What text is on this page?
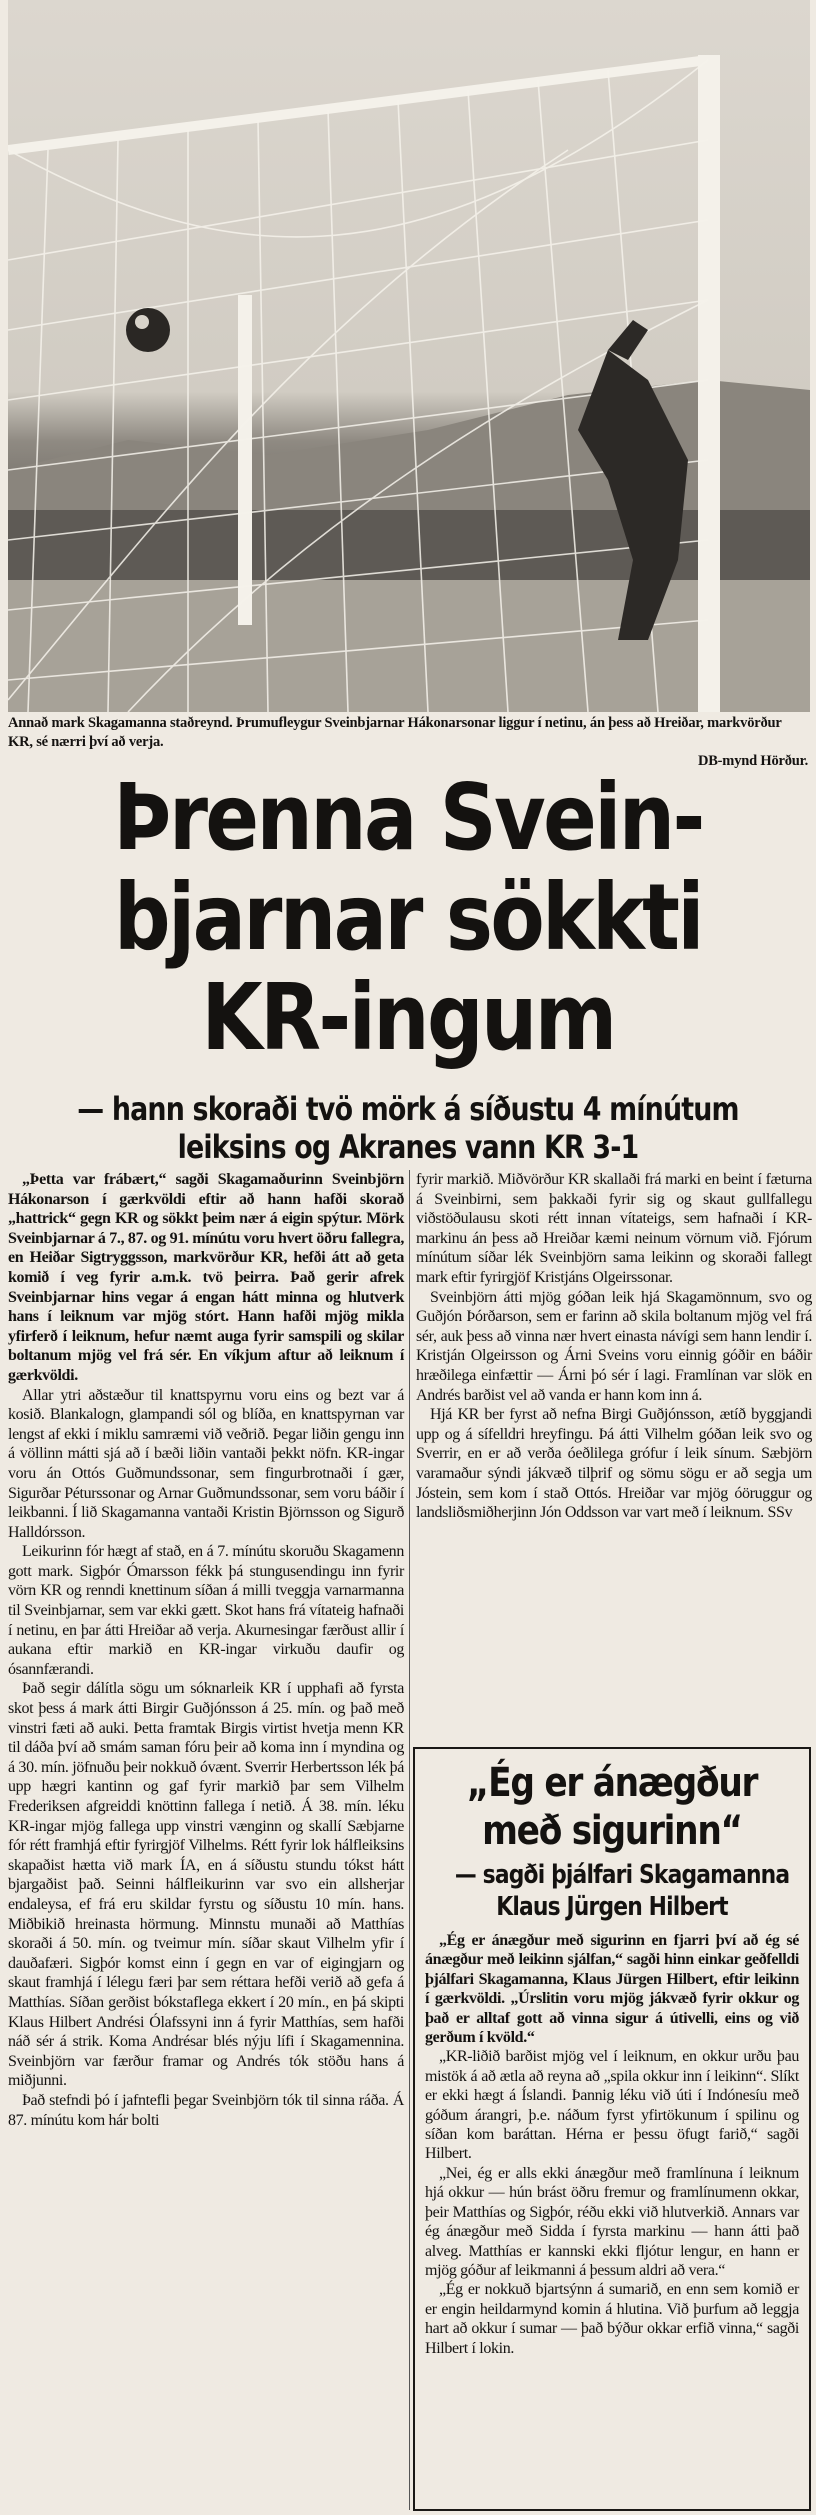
Annað mark Skagamanna staðreynd. Þrumufleygur Sveinbjarnar Hákonarsonar liggur í netinu, án þess að Hreiðar, markvörður KR, sé nærri því að verja.
DB-mynd Hörður.
Þrenna Svein-
bjarnar sökkti
KR-ingum
— hann skoraði tvö mörk á síðustu 4 mínútum
leiksins og Akranes vann KR 3-1

„Þetta var frábært,“ sagði Skagamaðurinn Sveinbjörn Hákonarson í gærkvöldi eftir að hann hafði skorað „hattrick“ gegn KR og sökkt þeim nær á eigin spýtur. Mörk Sveinbjarnar á 7., 87. og 91. mínútu voru hvert öðru fallegra, en Heiðar Sigtryggsson, markvörður KR, hefði átt að geta komið í veg fyrir a.m.k. tvö þeirra. Það gerir afrek Sveinbjarnar hins vegar á engan hátt minna og hlutverk hans í leiknum var mjög stórt. Hann hafði mjög mikla yfirferð í leiknum, hefur næmt auga fyrir samspili og skilar boltanum mjög vel frá sér. En víkjum aftur að leiknum í gærkvöldi.

Allar ytri aðstæður til knattspyrnu voru eins og bezt var á kosið. Blankalogn, glampandi sól og blíða, en knattspyrnan var lengst af ekki í miklu samræmi við veðrið. Þegar liðin gengu inn á völlinn mátti sjá að í bæði liðin vantaði þekkt nöfn. KR-ingar voru án Ottós Guðmundssonar, sem fingurbrotnaði í gær, Sigurðar Péturssonar og Arnar Guðmundssonar, sem voru báðir í leikbanni. Í lið Skagamanna vantaði Kristin Björnsson og Sigurð Halldórsson.

Leikurinn fór hægt af stað, en á 7. mínútu skoruðu Skagamenn gott mark. Sigþór Ómarsson fékk þá stungusendingu inn fyrir vörn KR og renndi knettinum síðan á milli tveggja varnarmanna til Sveinbjarnar, sem var ekki gætt. Skot hans frá vítateig hafnaði í netinu, en þar átti Hreiðar að verja. Akurnesingar færðust allir í aukana eftir markið en KR-ingar virkuðu daufir og ósannfærandi.

Það segir dálítla sögu um sóknarleik KR í upphafi að fyrsta skot þess á mark átti Birgir Guðjónsson á 25. mín. og það með vinstri fæti að auki. Þetta framtak Birgis virtist hvetja menn KR til dáða því að smám saman fóru þeir að koma inn í myndina og á 30. mín. jöfnuðu þeir nokkuð óvænt. Sverrir Herbertsson lék þá upp hægri kantinn og gaf fyrir markið þar sem Vilhelm Frederiksen afgreiddi knöttinn fallega í netið. Á 38. mín. léku KR-ingar mjög fallega upp vinstri vænginn og skallí Sæbjarne fór rétt framhjá eftir fyrirgjöf Vilhelms. Rétt fyrir lok hálfleiksins skapaðist hætta við mark ÍA, en á síðustu stundu tókst hátt bjargaðist það. Seinni hálfleikurinn var svo ein allsherjar endaleysa, ef frá eru skildar fyrstu og síðustu 10 mín. hans. Miðbikið hreinasta hörmung. Minnstu munaði að Matthías skoraði á 50. mín. og tveimur mín. síðar skaut Vilhelm yfir í dauðafæri. Sigþór komst einn í gegn en var of eigingjarn og skaut framhjá í lélegu færi þar sem réttara hefði verið að gefa á Matthías. Síðan gerðist bókstaflega ekkert í 20 mín., en þá skipti Klaus Hilbert Andrési Ólafssyni inn á fyrir Matthías, sem hafði náð sér á strik. Koma Andrésar blés nýju lífi í Skagamennina. Sveinbjörn var færður framar og Andrés tók stöðu hans á miðjunni.

Það stefndi þó í jafntefli þegar Sveinbjörn tók til sinna ráða. Á 87. mínútu kom hár bolti

fyrir markið. Miðvörður KR skallaði frá marki en beint í fæturna á Sveinbirni, sem þakkaði fyrir sig og skaut gullfallegu viðstöðulausu skoti rétt innan vítateigs, sem hafnaði í KR-markinu án þess að Hreiðar kæmi neinum vörnum við. Fjórum mínútum síðar lék Sveinbjörn sama leikinn og skoraði fallegt mark eftir fyrirgjöf Kristjáns Olgeirssonar.

Sveinbjörn átti mjög góðan leik hjá Skagamönnum, svo og Guðjón Þórðarson, sem er farinn að skila boltanum mjög vel frá sér, auk þess að vinna nær hvert einasta návígi sem hann lendir í. Kristján Olgeirsson og Árni Sveins voru einnig góðir en báðir hræðilega einfættir — Árni þó sér í lagi. Framlínan var slök en Andrés barðist vel að vanda er hann kom inn á.

Hjá KR ber fyrst að nefna Birgi Guðjónsson, ætíð byggjandi upp og á sífelldri hreyfingu. Þá átti Vilhelm góðan leik svo og Sverrir, en er að verða óeðlilega grófur í leik sínum. Sæbjörn varamaður sýndi jákvæð tilþrif og sömu sögu er að segja um Jóstein, sem kom í stað Ottós. Hreiðar var mjög óöruggur og landsliðsmiðherjinn Jón Oddsson var vart með í leiknum. SSv

„Ég er ánægður
með sigurinn“
— sagði þjálfari Skagamanna
Klaus Jürgen Hilbert

„Ég er ánægður með sigurinn en fjarri því að ég sé ánægður með leikinn sjálfan,“ sagði hinn einkar geðfelldi þjálfari Skagamanna, Klaus Jürgen Hilbert, eftir leikinn í gærkvöldi. „Úrslitin voru mjög jákvæð fyrir okkur og það er alltaf gott að vinna sigur á útivelli, eins og við gerðum í kvöld.“

„KR-liðið barðist mjög vel í leiknum, en okkur urðu þau mistök á að ætla að reyna að „spila okkur inn í leikinn“. Slíkt er ekki hægt á Íslandi. Þannig léku við úti í Indónesíu með góðum árangri, þ.e. náðum fyrst yfirtökunum í spilinu og síðan kom baráttan. Hérna er þessu öfugt farið,“ sagði Hilbert.

„Nei, ég er alls ekki ánægður með framlínuna í leiknum hjá okkur — hún brást öðru fremur og framlínumenn okkar, þeir Matthías og Sigþór, réðu ekki við hlutverkið. Annars var ég ánægður með Sidda í fyrsta markinu — hann átti það alveg. Matthías er kannski ekki fljótur lengur, en hann er mjög góður af leikmanni á þessum aldri að vera.“

„Ég er nokkuð bjartsýnn á sumarið, en enn sem komið er er engin heildarmynd komin á hlutina. Við þurfum að leggja hart að okkur í sumar — það býður okkar erfið vinna,“ sagði Hilbert í lokin.
